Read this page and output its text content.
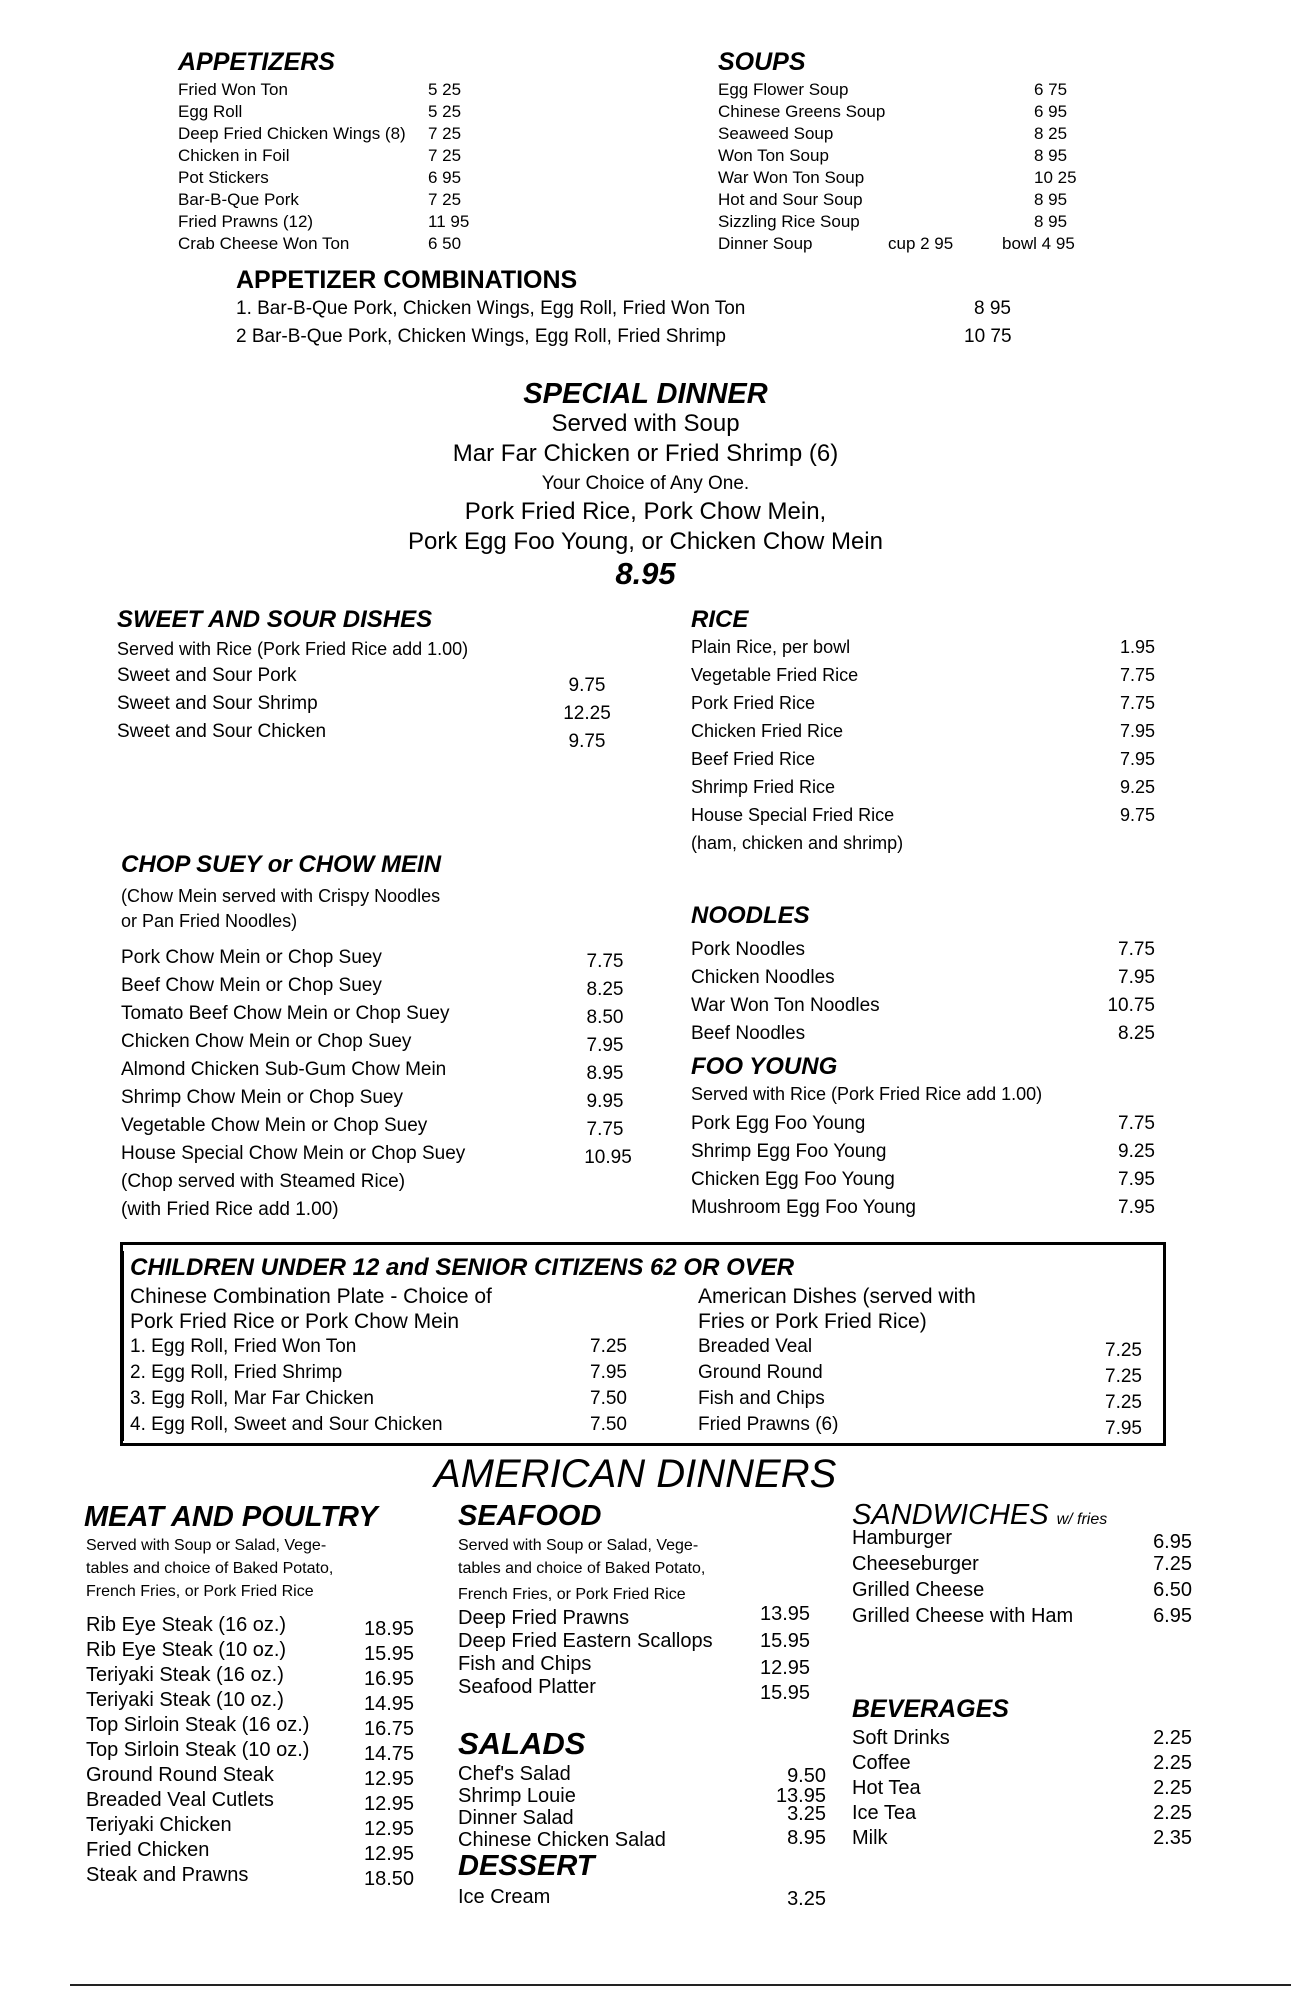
APPETIZERS
Fried Won Ton	5 25
Egg Roll	5 25
Deep Fried Chicken Wings (8) 7 25
Chicken in Foil	7 25
Pot Stickers	6 95
Bar-B-Que Pork	7 25
Fried Prawns (12)	11 95
Crab Cheese Won Ton	6 50
SOUPS
Egg Flower Soup	6 75
Chinese Greens Soup	6 95
Seaweed Soup	8 25
Won Ton Soup	8 95
War Won Ton Soup	10 25
Hot and Sour Soup	8 95
Sizzling Rice Soup	8 95
Dinner Soup	cup 2 95	bowl 4 95
APPETIZER COMBINATIONS
1. Bar-B-Que Pork, Chicken Wings, Egg Roll, Fried Won Ton	8 95
2 Bar-B-Que Pork, Chicken Wings, Egg Roll, Fried Shrimp	10 75
SPECIAL DINNER
Served with Soup
Mar Far Chicken or Fried Shrimp (6)
Your Choice of Any One.
Pork Fried Rice, Pork Chow Mein,
Pork Egg Foo Young, or Chicken Chow Mein
8.95
SWEET AND SOUR DISHES
Served with Rice (Pork Fried Rice add 1.00)
Sweet and Sour Pork	9.75
Sweet and Sour Shrimp	12.25
Sweet and Sour Chicken	9.75
RICE
Plain Rice, per bowl	1.95
Vegetable Fried Rice	7.75
Pork Fried Rice	7.75
Chicken Fried Rice	7.95
Beef Fried Rice	7.95
Shrimp Fried Rice	9.25
House Special Fried Rice	9.75
(ham, chicken and shrimp)
CHOP SUEY or CHOW MEIN
(Chow Mein served with Crispy Noodles
or Pan Fried Noodles)
Pork Chow Mein or Chop Suey	7.75
Beef Chow Mein or Chop Suey	8.25
Tomato Beef Chow Mein or Chop Suey	8.50
Chicken Chow Mein or Chop Suey	7.95
Almond Chicken Sub-Gum Chow Mein	8.95
Shrimp Chow Mein or Chop Suey	9.95
Vegetable Chow Mein or Chop Suey	7.75
House Special Chow Mein or Chop Suey	10.95
(Chop served with Steamed Rice)
(with Fried Rice add 1.00)
NOODLES
Pork Noodles	7.75
Chicken Noodles	7.95
War Won Ton Noodles	10.75
Beef Noodles	8.25
FOO YOUNG
Served with Rice (Pork Fried Rice add 1.00)
Pork Egg Foo Young	7.75
Shrimp Egg Foo Young	9.25
Chicken Egg Foo Young	7.95
Mushroom Egg Foo Young	7.95
CHILDREN UNDER 12 and SENIOR CITIZENS 62 OR OVER
Chinese Combination Plate - Choice of
Pork Fried Rice or Pork Chow Mein
1. Egg Roll, Fried Won Ton	7.25
2. Egg Roll, Fried Shrimp	7.95
3. Egg Roll, Mar Far Chicken	7.50
4. Egg Roll, Sweet and Sour Chicken	7.50
American Dishes (served with
Fries or Pork Fried Rice)
Breaded Veal	7.25
Ground Round	7.25
Fish and Chips	7.25
Fried Prawns (6)	7.95
AMERICAN DINNERS
MEAT AND POULTRY
Served with Soup or Salad, Vege-
tables and choice of Baked Potato,
French Fries, or Pork Fried Rice
Rib Eye Steak (16 oz.)	18.95
Rib Eye Steak (10 oz.)	15.95
Teriyaki Steak (16 oz.)	16.95
Teriyaki Steak (10 oz.)	14.95
Top Sirloin Steak (16 oz.)	16.75
Top Sirloin Steak (10 oz.)	14.75
Ground Round Steak	12.95
Breaded Veal Cutlets	12.95
Teriyaki Chicken	12.95
Fried Chicken	12.95
Steak and Prawns	18.50
SEAFOOD
Served with Soup or Salad, Vege-
tables and choice of Baked Potato,
French Fries, or Pork Fried Rice
Deep Fried Prawns	13.95
Deep Fried Eastern Scallops 15.95
Fish and Chips	12.95
Seafood Platter	15.95
SALADS
Chef's Salad	9.50
Shrimp Louie	13.95
Dinner Salad	3.25
Chinese Chicken Salad	8.95
DESSERT
Ice Cream	3.25
SANDWICHES w/ fries
Hamburger	6.95
Cheeseburger	7.25
Grilled Cheese	6.50
Grilled Cheese with Ham	6.95
BEVERAGES
Soft Drinks	2.25
Coffee	2.25
Hot Tea	2.25
Ice Tea	2.25
Milk	2.35
